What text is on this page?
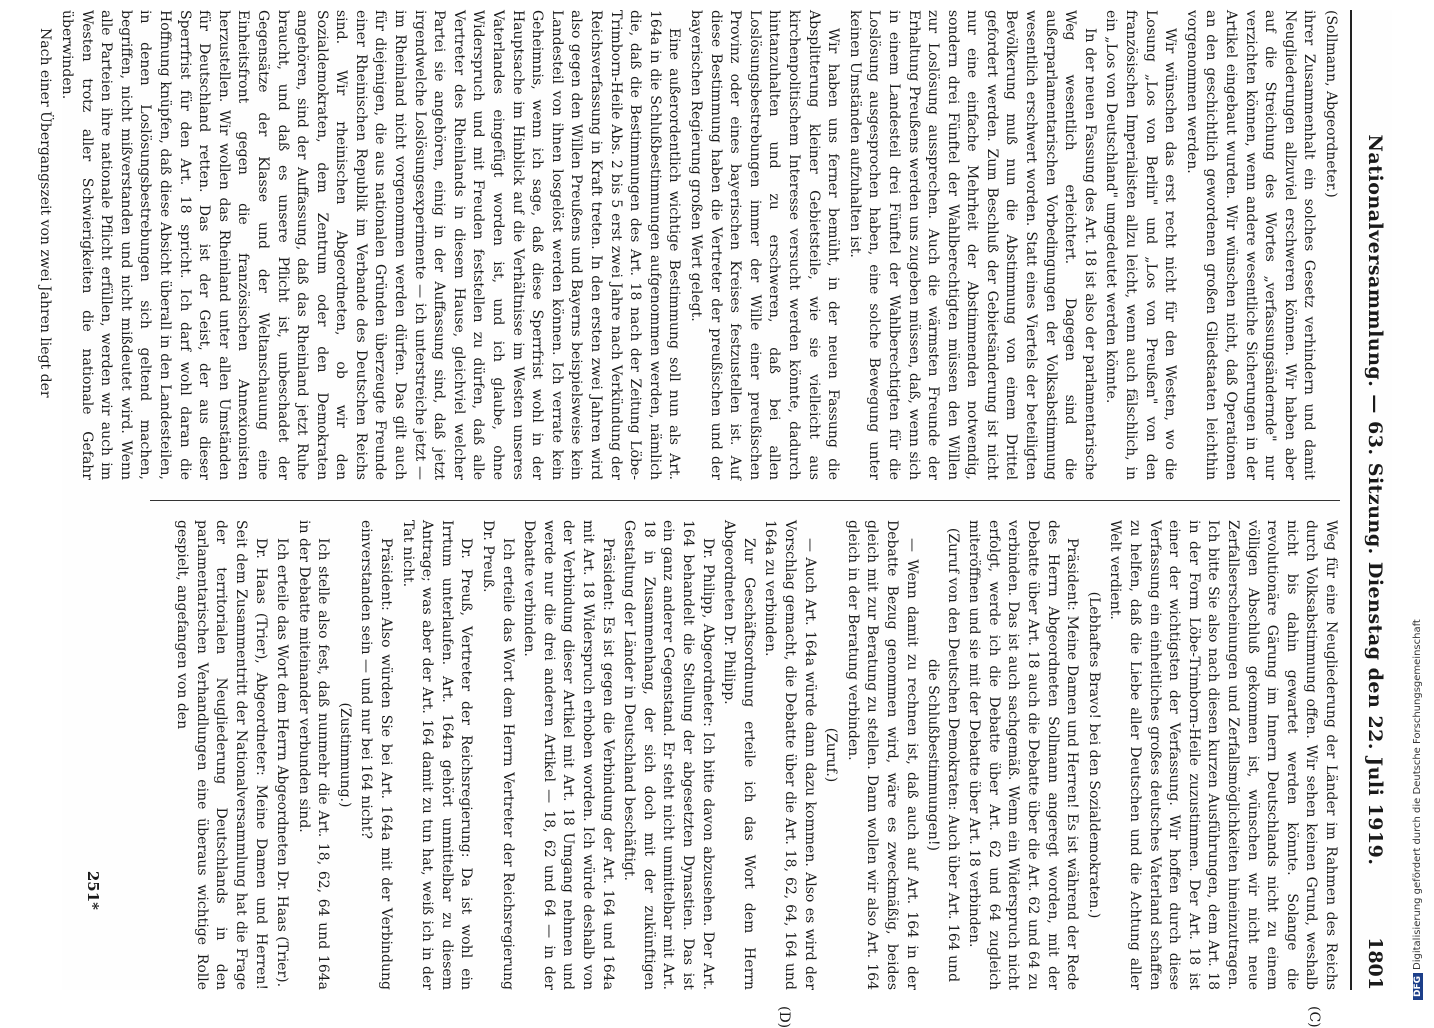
Nationalversammlung. — 63. Sitzung. Dienstag den 22. Juli 1919.
1801
(C)
(D)

(Sollmann, Abgeordneter.)

ihrer Zusammenhalt ein solches Gesetz verhindern und damit Neugliederungen allzuviel erschweren können. Wir haben aber auf die Streichung des Wortes „verfassungsändernde" nur verzichten können, wenn andere wesentliche Sicherungen in der Artikel eingebaut wurden. Wir wünschen nicht, daß Operationen an den geschichtlich gewordenen großen Gliedstaaten leichthin vorgenommen werden.

Wir wünschen das erst recht nicht für den Westen, wo die Losung „Los von Berlin" und „Los von Preußen" von den französischen Imperialisten allzu leicht, wenn auch fälschlich, in ein „Los von Deutschland" umgedeutet werden könnte.

In der neuen Fassung des Art. 18 ist also der parlamentarische Weg wesentlich erleichtert. Dagegen sind die außerparlamentarischen Vorbedingungen der Volksabstimmung wesentlich erschwert worden. Statt eines Viertels der beteiligten Bevölkerung muß nun die Abstimmung von einem Drittel gefordert werden. Zum Beschluß der Gebietsänderung ist nicht nur eine einfache Mehrheit der Abstimmenden notwendig, sondern drei Fünftel der Wahlberechtigten müssen den Willen zur Loslösung aussprechen. Auch die wärmsten Freunde der Erhaltung Preußens werden uns zugeben müssen, daß, wenn sich in einem Landesteil drei Fünftel der Wahlberechtigten für die Loslösung ausgesprochen haben, eine solche Bewegung unter keinen Umständen aufzuhalten ist.

Wir haben uns ferner bemüht, in der neuen Fassung die Absplitterung kleiner Gebietsteile, wie sie vielleicht aus kirchenpolitischem Interesse versucht werden könnte, dadurch hintanzuhalten und zu erschweren, daß bei allen Loslösungsbestrebungen immer der Wille einer preußischen Provinz oder eines bayerischen Kreises festzustellen ist. Auf diese Bestimmung haben die Vertreter der preußischen und der bayerischen Regierung großen Wert gelegt.

Eine außerordentlich wichtige Bestimmung soll nun als Art. 164a in die Schlußbestimmungen aufgenommen werden, nämlich die, daß die Bestimmungen des Art. 18 nach der Zeitung Löbe-Trimborn-Heile Abs. 2 bis 5 erst zwei Jahre nach Verkündung der Reichsverfassung in Kraft treten. In den ersten zwei Jahren wird also gegen den Willen Preußens und Bayerns beispielsweise kein Landesteil von ihnen losgelöst werden können. Ich verrate kein Geheimnis, wenn ich sage, daß diese Sperrfrist wohl in der Hauptsache im Hinblick auf die Verhältnisse im Westen unseres Vaterlandes eingefügt worden ist, und ich glaube, ohne Widerspruch und mit Freuden feststellen zu dürfen, daß alle Vertreter des Rheinlands in diesem Hause, gleichviel welcher Partei sie angehören, einig in der Auffassung sind, daß jetzt irgendwelche Loslösungsexperimente — ich unterstreiche jetzt — im Rheinland nicht vorgenommen werden dürfen. Das gilt auch für diejenigen, die aus nationalen Gründen überzeugte Freunde einer Rheinischen Republik im Verbande des Deutschen Reichs sind. Wir rheinischen Abgeordneten, ob wir den Sozialdemokraten, dem Zentrum oder den Demokraten angehören, sind der Auffassung, daß das Rheinland jetzt Ruhe braucht, und daß es unsere Pflicht ist, unbeschadet der Gegensätze der Klasse und der Weltanschauung eine Einheitsfront gegen die französischen Annexionisten herzustellen. Wir wollen das Rheinland unter allen Umständen für Deutschland retten. Das ist der Geist, der aus dieser Sperrfrist für den Art. 18 spricht. Ich darf wohl daran die Hoffnung knüpfen, daß diese Absicht überall in den Landesteilen, in denen Loslösungsbestrebungen sich geltend machen, begriffen, nicht mißverstanden und nicht mißdeutet wird. Wenn alle Parteien ihre nationale Pflicht erfüllen, werden wir auch im Westen trotz aller Schwierigkeiten die nationale Gefahr überwinden.

Nach einer Übergangszeit von zwei Jahren liegt der

Weg für eine Neugliederung der Länder im Rahmen des Reichs durch Volksabstimmung offen. Wir sehen keinen Grund, weshalb nicht bis dahin gewartet werden könnte. Solange die revolutionäre Gärung im Innern Deutschlands nicht zu einem völligen Abschluß gekommen ist, wünschen wir nicht neue Zerfallserscheinungen und Zerfallsmöglichkeiten hineinzutragen. Ich bitte Sie also nach diesen kurzen Ausführungen, dem Art. 18 in der Form Löbe-Trimborn-Heile zuzustimmen. Der Art. 18 ist einer der wichtigsten der Verfassung. Wir hoffen durch diese Verfassung ein einheitliches großes deutsches Vaterland schaffen zu helfen, daß die Liebe aller Deutschen und die Achtung aller Welt verdient.

(Lebhaftes Bravo! bei den Sozialdemokraten.)

Präsident: Meine Damen und Herren! Es ist während der Rede des Herrn Abgeordneten Sollmann angeregt worden, mit der Debatte über Art. 18 auch die Debatte über die Art. 62 und 64 zu verbinden. Das ist auch sachgemäß. Wenn ein Widerspruch nicht erfolgt, werde ich die Debatte über Art. 62 und 64 zugleich miteröffnen und sie mit der Debatte über Art. 18 verbinden.

(Zuruf von den Deutschen Demokraten: Auch über Art. 164 und die Schlußbestimmungen!)

— Wenn damit zu rechnen ist, daß auch auf Art. 164 in der Debatte Bezug genommen wird, wäre es zweckmäßig, beides gleich mit zur Beratung zu stellen. Dann wollen wir also Art. 164 gleich in der Beratung verbinden.

(Zuruf.)

— Auch Art. 164a würde dann dazu kommen. Also es wird der Vorschlag gemacht, die Debatte über die Art. 18, 62, 64, 164 und 164a zu verbinden.

Zur Geschäftsordnung erteile ich das Wort dem Herrn Abgeordneten Dr. Philipp.

Dr. Philipp, Abgeordneter: Ich bitte davon abzusehen. Der Art. 164 behandelt die Stellung der abgesetzten Dynastien. Das ist ein ganz anderer Gegenstand. Er steht nicht unmittelbar mit Art. 18 in Zusammenhang, der sich doch mit der zukünftigen Gestaltung der Länder in Deutschland beschäftigt.

Präsident: Es ist gegen die Verbindung der Art. 164 und 164a mit Art. 18 Widerspruch erhoben worden. Ich würde deshalb von der Verbindung dieser Artikel mit Art. 18 Umgang nehmen und werde nur die drei anderen Artikel — 18, 62 und 64 — in der Debatte verbinden.

Ich erteile das Wort dem Herrn Vertreter der Reichsregierung Dr. Preuß.

Dr. Preuß, Vertreter der Reichsregierung: Da ist wohl ein Irrtum unterlaufen. Art. 164a gehört unmittelbar zu diesem Antrage; was aber der Art. 164 damit zu tun hat, weiß ich in der Tat nicht.

Präsident: Also würden Sie bei Art. 164a mit der Verbindung einverstanden sein — und nur bei 164 nicht?

(Zustimmung.)

Ich stelle also fest, daß nunmehr die Art. 18, 62, 64 und 164a in der Debatte miteinander verbunden sind.

Ich erteile das Wort dem Herrn Abgeordneten Dr. Haas (Trier).

Dr. Haas (Trier), Abgeordneter: Meine Damen und Herren! Seit dem Zusammentritt der Nationalversammlung hat die Frage der territorialen Neugliederung Deutschlands in den parlamentarischen Verhandlungen eine überaus wichtige Rolle gespielt, angefangen von den

251*
DFGDigitalisierung gefördert durch die Deutsche Forschungsgemeinschaft
